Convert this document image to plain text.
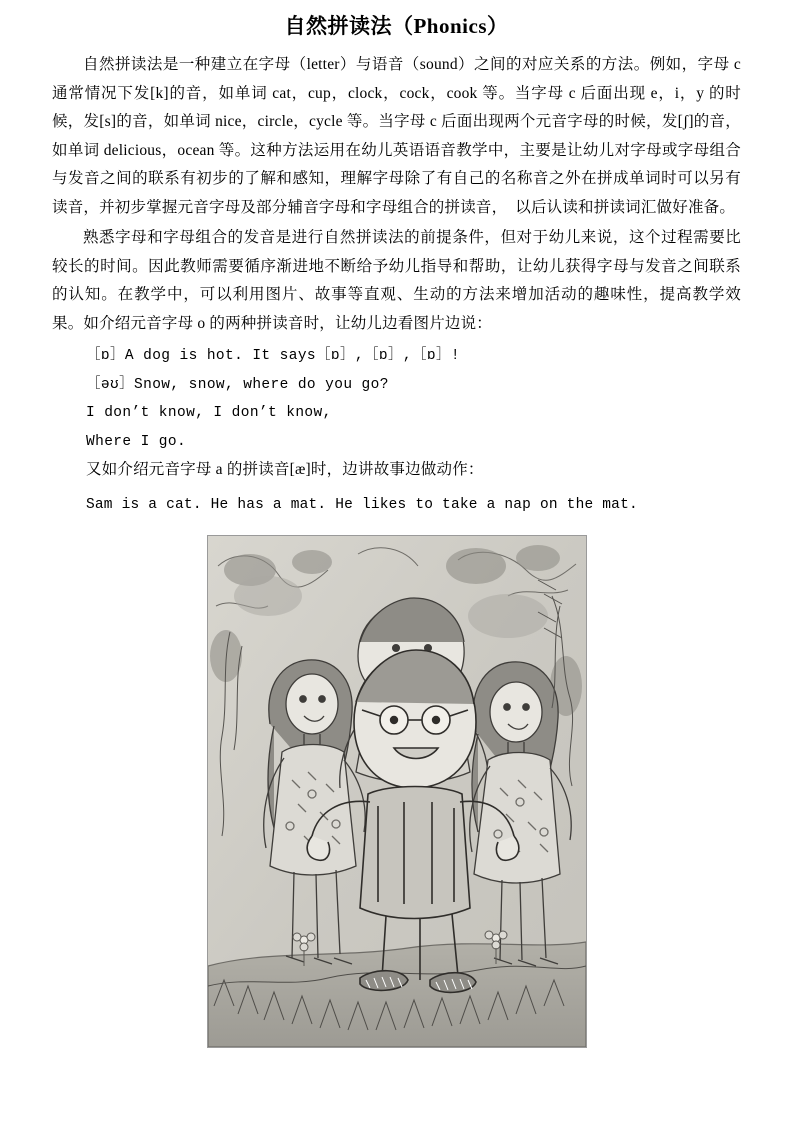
自然拼读法（Phonics）

自然拼读法是一种建立在字母（letter）与语音（sound）之间的对应关系的方法。例如，字母 c 通常情况下发[k]的音，如单词 cat，cup，clock，cock，cook 等。当字母 c 后面出现 e，i，y 的时候，发[s]的音，如单词 nice，circle，cycle 等。当字母 c 后面出现两个元音字母的时候，发[ʃ]的音，如单词 delicious，ocean 等。这种方法运用在幼儿英语语音教学中，主要是让幼儿对字母或字母组合与发音之间的联系有初步的了解和感知，理解字母除了有自己的名称音之外在拼成单词时可以另有读音，并初步掌握元音字母及部分辅音字母和字母组合的拼读音，　以后认读和拼读词汇做好准备。

熟悉字母和字母组合的发音是进行自然拼读法的前提条件，但对于幼儿来说，这个过程需要比较长的时间。因此教师需要循序渐进地不断给予幼儿指导和帮助，让幼儿获得字母与发音之间联系的认知。在教学中，可以利用图片、故事等直观、生动的方法来增加活动的趣味性，提高教学效果。如介绍元音字母 o 的两种拼读音时，让幼儿边看图片边说：

［ɒ］A dog is hot. It says［ɒ］,［ɒ］,［ɒ］!

［əʊ］Snow, snow, where do you go?

I don’t know, I don’t know,

Where I go.

又如介绍元音字母 a 的拼读音[æ]时，边讲故事边做动作：

Sam is a cat. He has a mat. He likes to take a nap on the mat.
